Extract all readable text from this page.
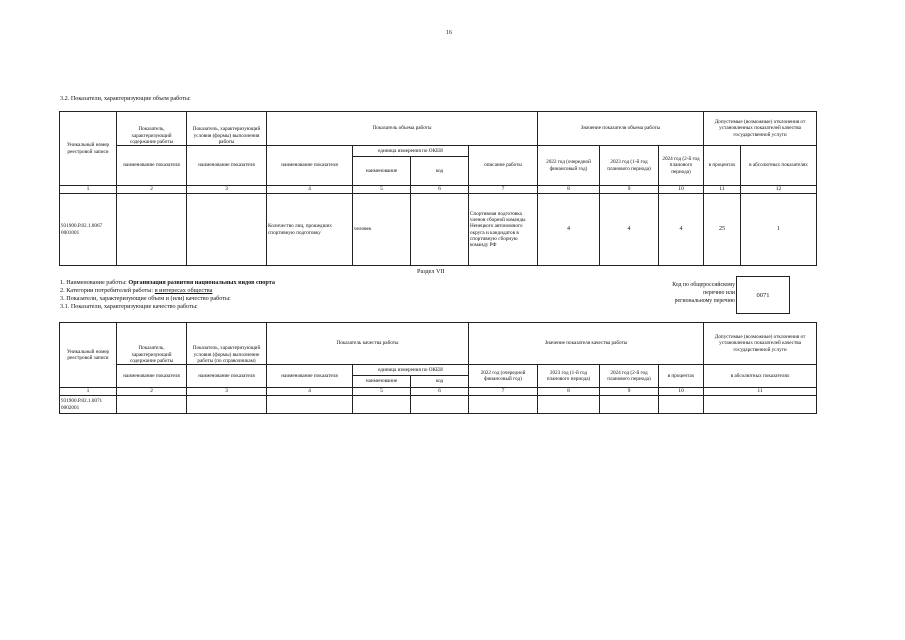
16
3.2. Показатели, характеризующие объем работы:
Уникальный номер реестровой записи	Показатель, характеризующий содержание работы	Показатель, характеризующий условия (формы) выполнения работы	Показатель объема работы				Значение показателя объема работы			Допустимые (возможные) отклонения от установленных показателей качества государственной услуги	
	наименование показателя	наименование показателя	наименование показателя	единица измерения по ОКЕИ		описание работы	2022 год (очередной финансовый год)	2023 год (1-й год планового периода)	2024 год (2-й год планового периода)	в процентах	в абсолютных показателях
				наименование	код						
1	2	3	4	5	6	7	8	9	10	11	12
931900.Р.82.1.0067 0001001			Количество лиц, прошедших спортивную подготовку	человек		Спортивная подготовка членов сборной команды Ненецкого автономного округа и кандидатов в спортивную сборную команду РФ	4	4	4	25	1
Раздел VII
1. Наименование работы: Организация развития национальных видов спорта
2. Категории потребителей работы: в интересах общества
3. Показатели, характеризующие объем и (или) качество работы:
3.1. Показатели, характеризующие качество работы:
Код по общероссийскому
перечню или
региональному перечню
0071
Уникальный номер реестровой записи	Показатель, характеризующий содержание работы	Показатель, характеризующий условия (формы) выполнение работы (по справочникам)	Показатель качества работы			Значение показателя качества работы				Допустимые (возможные) отклонения от установленных показателей качества государственной услуги
	наименование показателя	наименование показателя	наименование показателя	единица измерения по ОКЕИ		2022 год (очередной финансовый год)	2023 год (1-й год планового периода)	2024 год (2-й год планового периода)	в процентах	в абсолютных показателях
				наименование	код					
1	2	3	4	5	6	7	8	9	10	11
931900.Р.82.1.0071 0002001										
